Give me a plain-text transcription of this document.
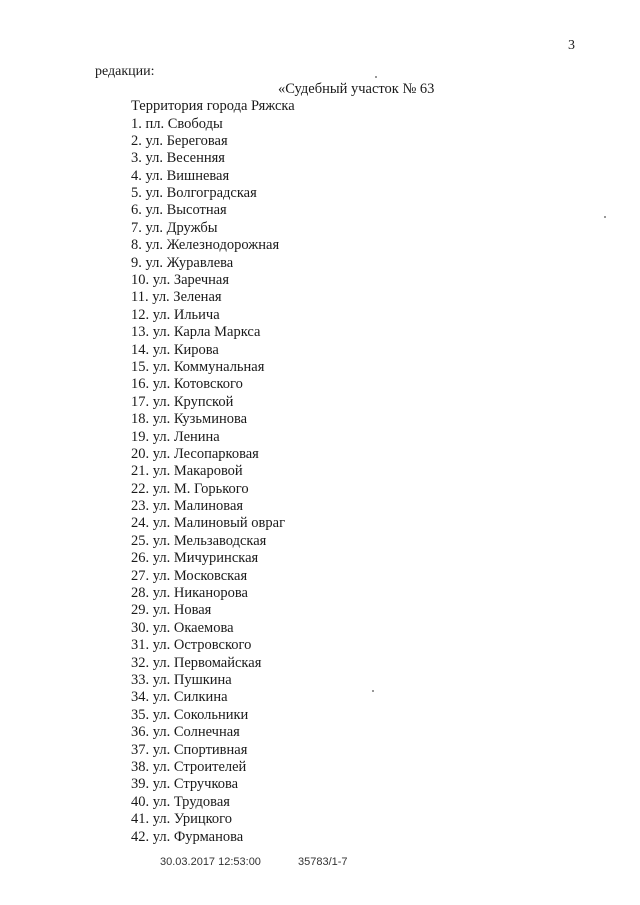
3
редакции:
«Судебный участок № 63
Территория города Ряжска
1. пл. Свободы
2. ул. Береговая
3. ул. Весенняя
4. ул. Вишневая
5. ул. Волгоградская
6. ул. Высотная
7. ул. Дружбы
8. ул. Железнодорожная
9. ул. Журавлева
10. ул. Заречная
11. ул. Зеленая
12. ул. Ильича
13. ул. Карла Маркса
14. ул. Кирова
15. ул. Коммунальная
16. ул. Котовского
17. ул. Крупской
18. ул. Кузьминова
19. ул. Ленина
20. ул. Лесопарковая
21. ул. Макаровой
22. ул. М. Горького
23. ул. Малиновая
24. ул. Малиновый овраг
25. ул. Мельзаводская
26. ул. Мичуринская
27. ул. Московская
28. ул. Никанорова
29. ул. Новая
30. ул. Окаемова
31. ул. Островского
32. ул. Первомайская
33. ул. Пушкина
34. ул. Силкина
35. ул. Сокольники
36. ул. Солнечная
37. ул. Спортивная
38. ул. Строителей
39. ул. Стручкова
40. ул. Трудовая
41. ул. Урицкого
42. ул. Фурманова
30.03.2017 12:53:00	35783/1-7
